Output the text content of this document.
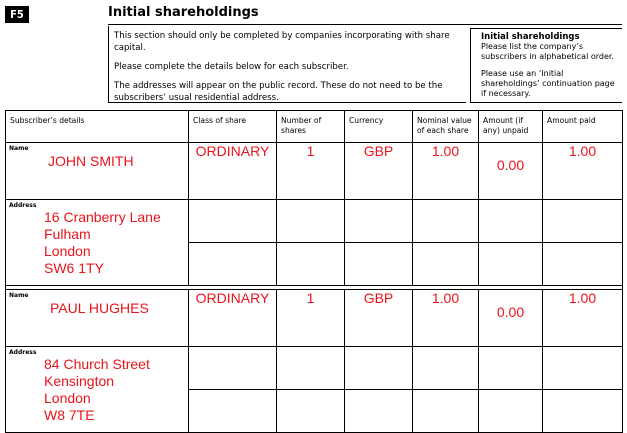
F5	Initial shareholdings

This section should only be completed by companies incorporating with share capital.

Please complete the details below for each subscriber.

The addresses will appear on the public record. These do not need to be the subscribers’ usual residential address.

Initial shareholdings

Please list the company’s subscribers in alphabetical order.

Please use an ‘Initial shareholdings’ continuation page if necessary.

Subscriber’s details	Class of share	Number of shares	Currency	Nominal value of each share	Amount (if any) unpaid	Amount paid

Name
JOHN SMITH	ORDINARY	1	GBP	1.00	0.00	1.00

Address
16 Cranberry Lane
Fulham
London
SW6 1TY						

Name
PAUL HUGHES	ORDINARY	1	GBP	1.00	0.00	1.00

Address
84 Church Street
Kensington
London
W8 7TE						
